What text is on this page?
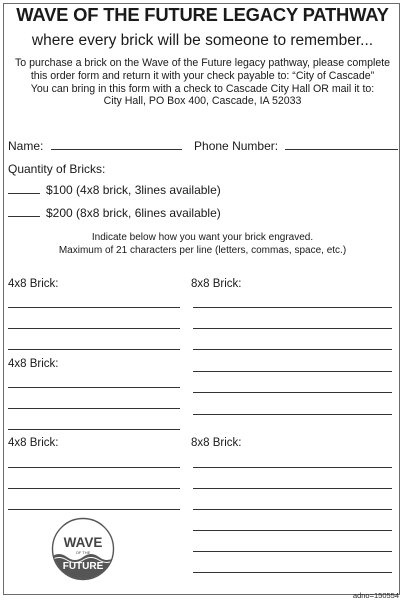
WAVE OF THE FUTURE LEGACY PATHWAY
where every brick will be someone to remember...
To purchase a brick on the Wave of the Future legacy pathway, please complete
this order form and return it with your check payable to: “City of Cascade”
You can bring in this form with a check to Cascade City Hall OR mail it to:
City Hall, PO Box 400, Cascade, IA 52033
Name:	Phone Number:
Quantity of Bricks:
$100 (4x8 brick, 3lines available)
$200 (8x8 brick, 6lines available)
Indicate below how you want your brick engraved.
Maximum of 21 characters per line (letters, commas, space, etc.)
4x8 Brick:	8x8 Brick:
4x8 Brick:
4x8 Brick:	8x8 Brick:
WAVE
OF THE
FUTURE
adno=150554
